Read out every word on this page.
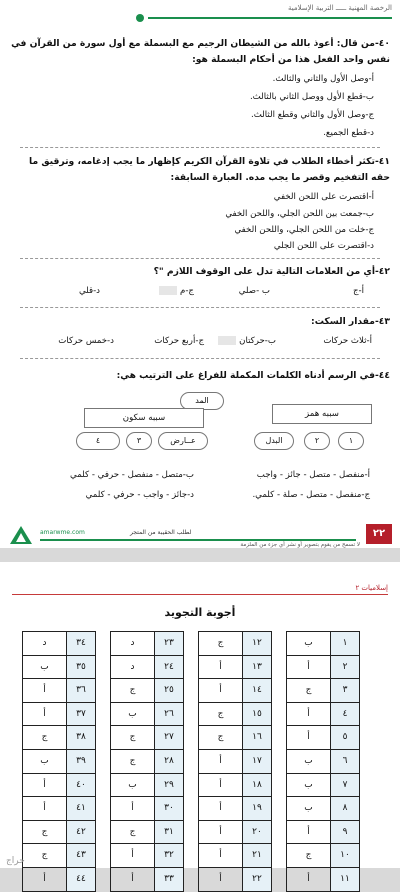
الرخصة المهنية ـــــ التربية الإسلامية
٤٠-من قال: أعوذ بالله من الشيطان الرجيم مع البسملة مع أول سورة من القرآن في نفس واحد الفعل هذا من أحكام البسملة هو:
أ-وصل الأول والثاني والثالث.
ب-قطع الأول ووصل الثاني بالثالث.
ج-وصل الأول والثاني وقطع الثالث.
د-قطع الجميع.
٤١-تكثر أخطاء الطلاب في تلاوة القرآن الكريم كإظهار ما يجب إدغامه، وترقيق ما حقه التفخيم وقصر ما يجب مده. العبارة السابقة:
أ-اقتصرت على اللحن الخفي
ب-جمعت بين اللحن الجلي، واللحن الخفي
ج-خلت من اللحن الجلي، واللحن الخفي
د-اقتصرت على اللحن الجلي
٤٢-أي من العلامات التالية تدل على الوقوف اللازم "؟
أ-ج
ب -صلي
ج-م
د-قلي
٤٣-مقدار السكت:
أ-ثلاث حركات
ب-حركتان
ج-أربع حركات
د-خمس حركات
٤٤-في الرسم أدناه الكلمات المكملة للفراغ على الترتيب هي:
المد
سببه همز
سببه سكون
١
٢
البدل
عــارض
٣
٤
أ-منفصل - متصل - جائز - واجب
ب-متصل - منفصل - حرفي - كلمي
ج-منفصل - متصل - صلة - كلمي.
د-جائز - واجب - حرفي - كلمي
amarwme.com	لطلب الحقيبة من المتجر
لا تسمح من يقوم بتصوير أو نشر أي جزء من الملزمة
٢٢
إسلاميات ٢
أجوبة التجويد
١
ب
٢
أ
٣
ج
٤
أ
٥
أ
٦
ب
٧
ب
٨
ب
٩
أ
١٠
ج
١١
أ
١٢
ج
١٣
أ
١٤
أ
١٥
ج
١٦
ج
١٧
أ
١٨
أ
١٩
أ
٢٠
أ
٢١
أ
٢٢
أ
٢٣
د
٢٤
د
٢٥
ج
٢٦
ب
٢٧
ج
٢٨
ج
٢٩
ب
٣٠
أ
٣١
ج
٣٢
أ
٣٣
أ
٣٤
د
٣٥
ب
٣٦
أ
٣٧
أ
٣٨
ج
٣٩
ب
٤٠
أ
٤١
أ
٤٢
ج
٤٣
ج
٤٤
أ
حراج
